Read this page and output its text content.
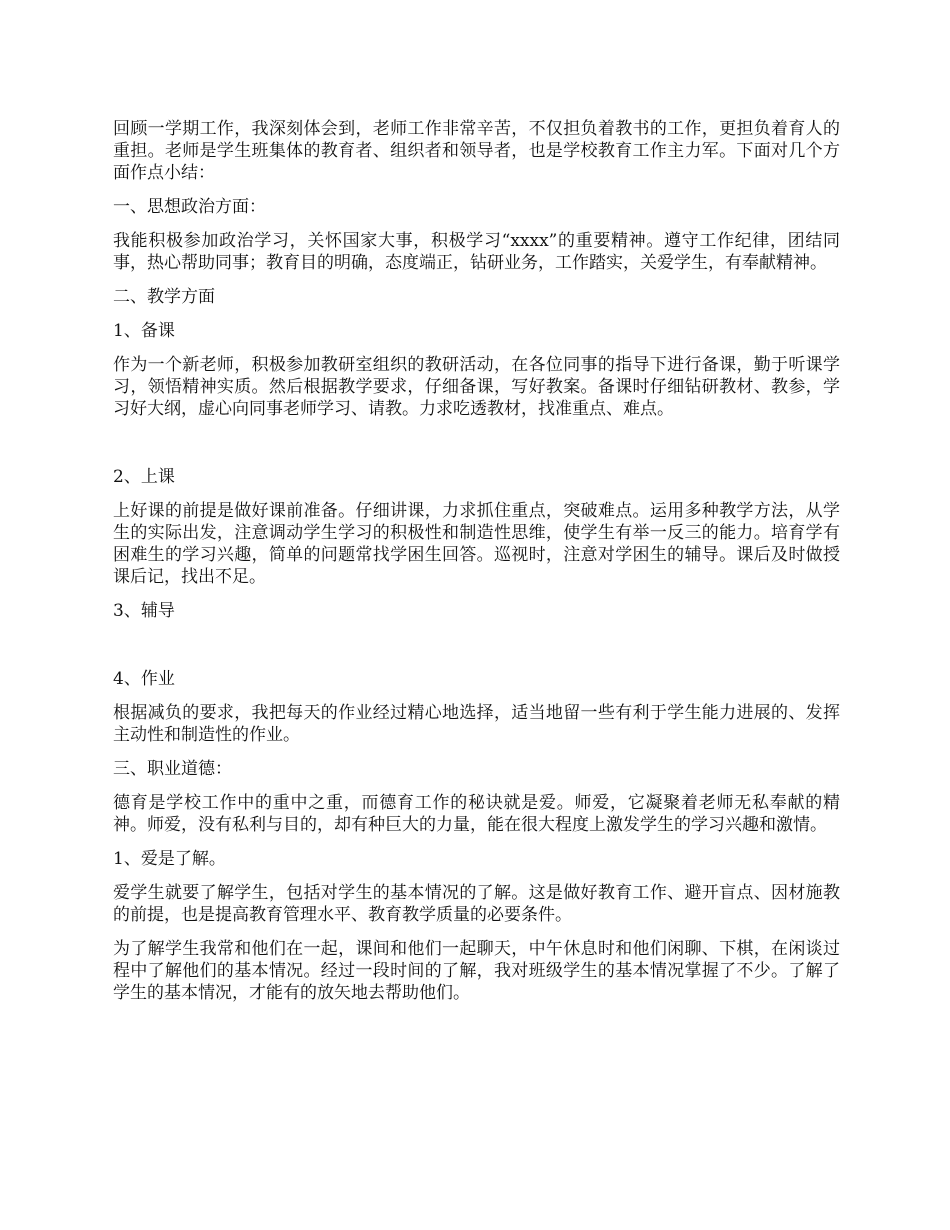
回顾一学期工作，我深刻体会到，老师工作非常辛苦，不仅担负着教书的工作，更担负着育人的重担。老师是学生班集体的教育者、组织者和领导者，也是学校教育工作主力军。下面对几个方面作点小结：

一、思想政治方面：

我能积极参加政治学习，关怀国家大事，积极学习“xxxx”的重要精神。遵守工作纪律，团结同事，热心帮助同事；教育目的明确，态度端正，钻研业务，工作踏实，关爱学生，有奉献精神。

二、教学方面

1、备课

作为一个新老师，积极参加教研室组织的教研活动，在各位同事的指导下进行备课，勤于听课学习，领悟精神实质。然后根据教学要求，仔细备课，写好教案。备课时仔细钻研教材、教参，学习好大纲，虚心向同事老师学习、请教。力求吃透教材，找准重点、难点。

2、上课

上好课的前提是做好课前准备。仔细讲课，力求抓住重点，突破难点。运用多种教学方法，从学生的实际出发，注意调动学生学习的积极性和制造性思维，使学生有举一反三的能力。培育学有困难生的学习兴趣，简单的问题常找学困生回答。巡视时，注意对学困生的辅导。课后及时做授课后记，找出不足。

3、辅导

4、作业

根据减负的要求，我把每天的作业经过精心地选择，适当地留一些有利于学生能力进展的、发挥主动性和制造性的作业。

三、职业道德：

德育是学校工作中的重中之重，而德育工作的秘诀就是爱。师爱，它凝聚着老师无私奉献的精神。师爱，没有私利与目的，却有种巨大的力量，能在很大程度上激发学生的学习兴趣和激情。

1、爱是了解。

爱学生就要了解学生，包括对学生的基本情况的了解。这是做好教育工作、避开盲点、因材施教的前提，也是提高教育管理水平、教育教学质量的必要条件。

为了解学生我常和他们在一起，课间和他们一起聊天，中午休息时和他们闲聊、下棋，在闲谈过程中了解他们的基本情况。经过一段时间的了解，我对班级学生的基本情况掌握了不少。了解了学生的基本情况，才能有的放矢地去帮助他们。
